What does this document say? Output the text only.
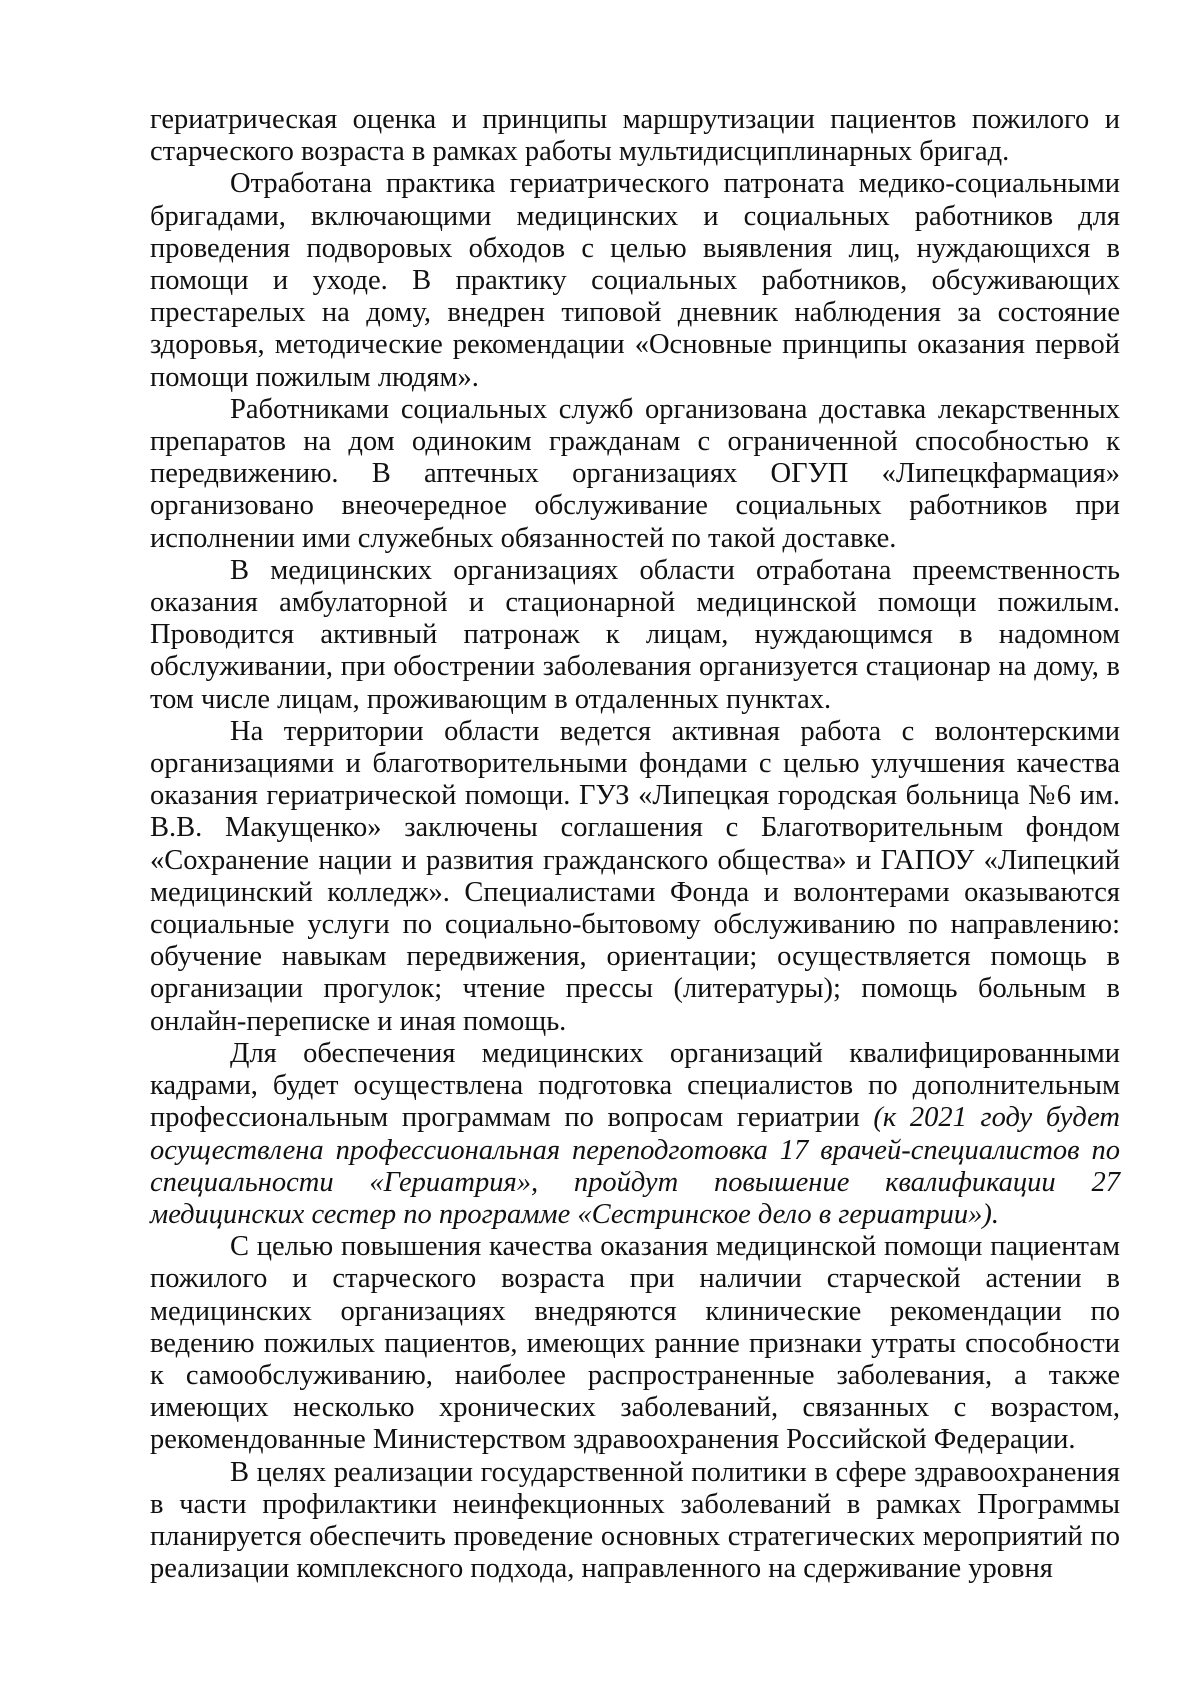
гериатрическая оценка и принципы маршрутизации пациентов пожилого и старческого возраста в рамках работы мультидисциплинарных бригад.

Отработана практика гериатрического патроната медико-социальными бригадами, включающими медицинских и социальных работников для проведения подворовых обходов с целью выявления лиц, нуждающихся в помощи и уходе. В практику социальных работников, обсуживающих престарелых на дому, внедрен типовой дневник наблюдения за состояние здоровья, методические рекомендации «Основные принципы оказания первой помощи пожилым людям».

Работниками социальных служб организована доставка лекарственных препаратов на дом одиноким гражданам с ограниченной способностью к передвижению. В аптечных организациях ОГУП «Липецкфармация» организовано внеочередное обслуживание социальных работников при исполнении ими служебных обязанностей по такой доставке.

В медицинских организациях области отработана преемственность оказания амбулаторной и стационарной медицинской помощи пожилым. Проводится активный патронаж к лицам, нуждающимся в надомном обслуживании, при обострении заболевания организуется стационар на дому, в том числе лицам, проживающим в отдаленных пунктах.

На территории области ведется активная работа с волонтерскими организациями и благотворительными фондами с целью улучшения качества оказания гериатрической помощи. ГУЗ «Липецкая городская больница №6 им. В.В. Макущенко» заключены соглашения с Благотворительным фондом «Сохранение нации и развития гражданского общества» и ГАПОУ «Липецкий медицинский колледж». Специалистами Фонда и волонтерами оказываются социальные услуги по социально-бытовому обслуживанию по направлению: обучение навыкам передвижения, ориентации; осуществляется помощь в организации прогулок; чтение прессы (литературы); помощь больным в онлайн-переписке и иная помощь.

Для обеспечения медицинских организаций квалифицированными кадрами, будет осуществлена подготовка специалистов по дополнительным профессиональным программам по вопросам гериатрии (к 2021 году будет осуществлена профессиональная переподготовка 17 врачей-специалистов по специальности «Гериатрия», пройдут повышение квалификации 27 медицинских сестер по программе «Сестринское дело в гериатрии»).

С целью повышения качества оказания медицинской помощи пациентам пожилого и старческого возраста при наличии старческой астении в медицинских организациях внедряются клинические рекомендации по ведению пожилых пациентов, имеющих ранние признаки утраты способности к самообслуживанию, наиболее распространенные заболевания, а также имеющих несколько хронических заболеваний, связанных с возрастом, рекомендованные Министерством здравоохранения Российской Федерации.

В целях реализации государственной политики в сфере здравоохранения в части профилактики неинфекционных заболеваний в рамках Программы планируется обеспечить проведение основных стратегических мероприятий по реализации комплексного подхода, направленного на сдерживание уровня
